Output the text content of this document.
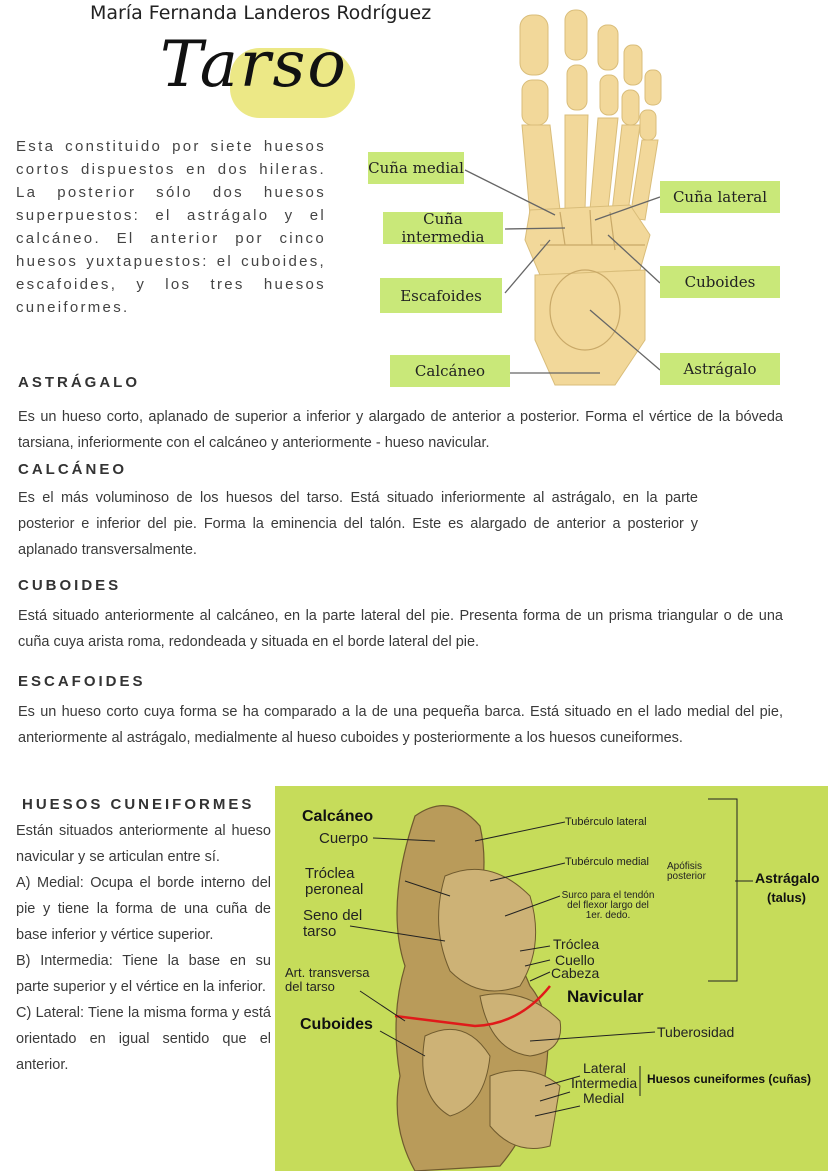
María Fernanda Landeros Rodríguez
Tarso
Esta constituido por siete huesos cortos dispuestos en dos hileras. La posterior sólo dos huesos superpuestos: el astrágalo y el calcáneo. El anterior por cinco huesos yuxtapuestos: el cuboides, escafoides, y los tres huesos cuneiformes.
Cuña medial
Cuña intermedia
Escafoides
Calcáneo
Cuña lateral
Cuboides
Astrágalo
ASTRÁGALO
Es un hueso corto, aplanado de superior a inferior y alargado de anterior a posterior. Forma el vértice de la bóveda tarsiana, inferiormente con el calcáneo y anteriormente - hueso navicular.
CALCÁNEO
Es el más voluminoso de los huesos del tarso. Está situado inferiormente al astrágalo, en la parte posterior e inferior del pie. Forma la eminencia del talón. Este es alargado de anterior a posterior y aplanado transversalmente.
CUBOIDES
Está situado anteriormente al calcáneo, en la parte lateral del pie. Presenta forma de un prisma triangular o de una cuña cuya arista roma, redondeada y situada en el borde lateral del pie.
ESCAFOIDES
Es un hueso corto cuya forma se ha comparado a la de una pequeña barca. Está situado en el lado medial del pie, anteriormente al astrágalo, medialmente al hueso cuboides y posteriormente a los huesos cuneiformes.
HUESOS CUNEIFORMES
Están situados anteriormente al hueso navicular y se articulan entre sí.
A) Medial: Ocupa el borde interno del pie y tiene la forma de una cuña de base inferior y vértice superior.
B) Intermedia: Tiene la base en su parte superior y el vértice en la inferior.
C) Lateral: Tiene la misma forma y está orientado en igual sentido que el anterior.
Calcáneo
Cuerpo
Tróclea peroneal
Seno del tarso
Art. transversa del tarso
Cuboides
Tubérculo lateral
Tubérculo medial Apófisis posterior
Surco para el tendón del flexor largo del 1er. dedo.
Tróclea
Cuello
Cabeza
Navicular
Tuberosidad
Astrágalo
(talus)
Lateral
Intermedia
Medial
Huesos cuneiformes (cuñas)
